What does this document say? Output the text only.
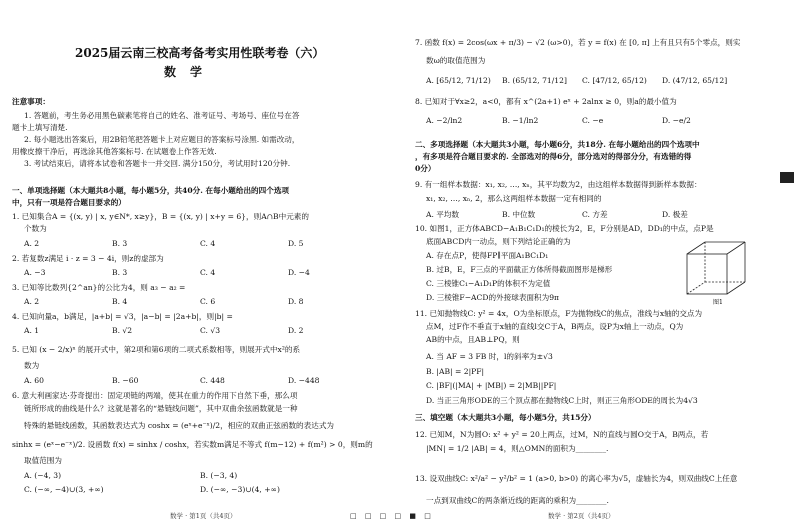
2025届云南三校高考备考实用性联考卷（六）
数学
注意事项：
1. 答题前，考生务必用黑色碳素笔将自己的姓名、准考证号、考场号、座位号在答
题卡上填写清楚.
2. 每小题选出答案后，用2B铅笔把答题卡上对应题目的答案标号涂黑. 如需改动，
用橡皮擦干净后，再选涂其他答案标号. 在试题卷上作答无效.
3. 考试结束后，请将本试卷和答题卡一并交回. 满分150分，考试用时120分钟.
一、单项选择题（本大题共8小题，每小题5分，共40分. 在每小题给出的四个选项
中，只有一项是符合题目要求的）
1. 已知集合A = {(x, y) | x, y∈N*, x≥y}，B = {(x, y) | x+y = 6}，则A∩B中元素的
个数为
A. 2	B. 3	C. 4	D. 5
2. 若复数z满足 i · z = 3 − 4i，则z的虚部为
A. −3	B. 3	C. 4	D. −4
3. 已知等比数列{2^an}的公比为4，则 a₃ − a₂ =
A. 2	B. 4	C. 6	D. 8
4. 已知向量a，b满足，|a+b| = √3，|a−b| = |2a+b|，则|b| =
A. 1	B. √2	C. √3	D. 2
5. 已知 (x − 2/x)ⁿ 的展开式中，第2项和第6项的二项式系数相等，则展开式中x²的系
数为
A. 60	B. −60	C. 448	D. −448
6. 意大利画家达·芬奇提出：固定项链的两端，使其在重力的作用下自然下垂，那么项
链所形成的曲线是什么？这就是著名的“悬链线问题”，其中双曲余弦函数就是一种
特殊的悬链线函数，其函数表达式为 coshx = (eˣ+e⁻ˣ)/2，相应的双曲正弦函数的表达式为
sinhx = (eˣ−e⁻ˣ)/2. 设函数 f(x) = sinhx / coshx，若实数m满足不等式 f(m−12) + f(m²) > 0，则m的
取值范围为
A. (−4, 3)	B. (−3, 4)
C. (−∞, −4)∪(3, +∞)	D. (−∞, −3)∪(4, +∞)
数学 · 第1页（共4页）
7. 函数 f(x) = 2cos(ωx + π/3) − √2 (ω>0)，若 y = f(x) 在 [0, π] 上有且只有5个零点，则实
数ω的取值范围为
A. [65/12, 71/12) B. (65/12, 71/12] C. [47/12, 65/12) D. (47/12, 65/12]
8. 已知对于∀x≥2，a<0，都有 x^(2a+1) eˣ + 2alnx ≥ 0，则a的最小值为
A. −2/ln2	B. −1/ln2	C. −e	D. −e/2
二、多项选择题（本大题共3小题，每小题6分，共18分. 在每小题给出的四个选项中
，有多项是符合题目要求的. 全部选对的得6分，部分选对的得部分分，有选错的得
0分）
9. 有一组样本数据：x₁, x₂, …, xₙ，其平均数为2，由这组样本数据得到新样本数据：
x₁, x₂, …, xₙ, 2，那么这两组样本数据一定有相同的
A. 平均数	B. 中位数	C. 方差	D. 极差
10. 如图1，正方体ABCD−A₁B₁C₁D₁的棱长为2，E，F分别是AD，DD₁的中点，点P是
底面ABCD内一动点，则下列结论正确的为
A. 存在点P，使得FP∥平面A₁BC₁D₁
B. 过B，E，F三点的平面截正方体所得截面图形是梯形
C. 三棱锥C₁−A₁D₁P的体积不为定值
D. 三棱锥F−ACD的外接球表面积为9π
图1
11. 已知抛物线C: y² = 4x，O为坐标原点，F为抛物线C的焦点，准线与x轴的交点为
点M，过F作不垂直于x轴的直线l交C于A，B两点，设P为x轴上一动点，Q为
AB的中点，且AB⊥PQ，则
A. 当 AF = 3 FB 时，l的斜率为±√3
B. |AB| = 2|PF|
C. |BF|(|MA| + |MB|) = 2|MB||PF|
D. 当正三角形ODE的三个顶点都在抛物线C上时，则正三角形ODE的周长为4√3
三、填空题（本大题共3小题，每小题5分，共15分）
12. 已知M，N为圆O: x² + y² = 20上两点，过M，N的直线与圆O交于A，B两点，若
|MN| = 1/2 |AB| = 4，则△OMN的面积为________.
13. 设双曲线C: x²/a² − y²/b² = 1 (a>0, b>0) 的离心率为√5，虚轴长为4，则双曲线C上任意
一点到双曲线C的两条渐近线的距离的乘积为________.
数学 · 第2页（共4页）
□ □ □ □ ■ □
